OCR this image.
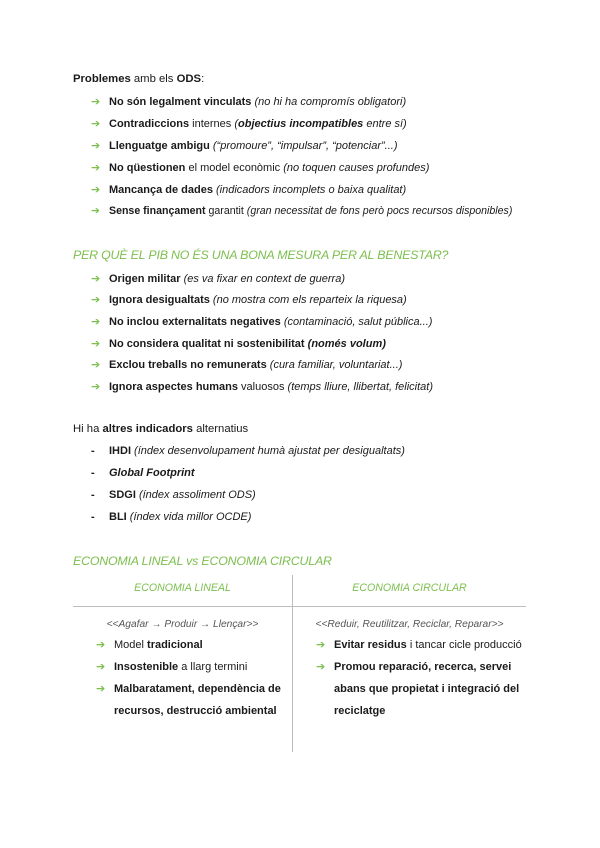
Problemes amb els ODS:
➔ No són legalment vinculats (no hi ha compromís obligatori)
➔ Contradiccions internes (objectius incompatibles entre sí)
➔ Llenguatge ambigu (“promoure”, “impulsar”, “potenciar”...)
➔ No qüestionen el model econòmic (no toquen causes profundes)
➔ Mancança de dades (indicadors incomplets o baixa qualitat)
➔ Sense finançament garantit (gran necessitat de fons però pocs recursos disponibles)
PER QUÈ EL PIB NO ÉS UNA BONA MESURA PER AL BENESTAR?
➔ Origen militar (es va fixar en context de guerra)
➔ Ignora desigualtats (no mostra com els reparteix la riquesa)
➔ No inclou externalitats negatives (contaminació, salut pública...)
➔ No considera qualitat ni sostenibilitat (només volum)
➔ Exclou treballs no remunerats (cura familiar, voluntariat...)
➔ Ignora aspectes humans valuosos (temps lliure, llibertat, felicitat)
Hi ha altres indicadors alternatius
- IHDI (índex desenvolupament humà ajustat per desigualtats)
- Global Footprint
- SDGI (índex assoliment ODS)
- BLI (índex vida millor OCDE)
ECONOMIA LINEAL vs ECONOMIA CIRCULAR
ECONOMIA LINEAL	ECONOMIA CIRCULAR
<<Agafar → Produir → Llençar>>	<<Reduir, Reutilitzar, Reciclar, Reparar>>
➔ Model tradicional
➔ Insostenible a llarg termini
➔ Malbaratament, dependència de recursos, destrucció ambiental
➔ Evitar residus i tancar cicle producció
➔ Promou reparació, recerca, servei abans que propietat i integració del reciclatge
